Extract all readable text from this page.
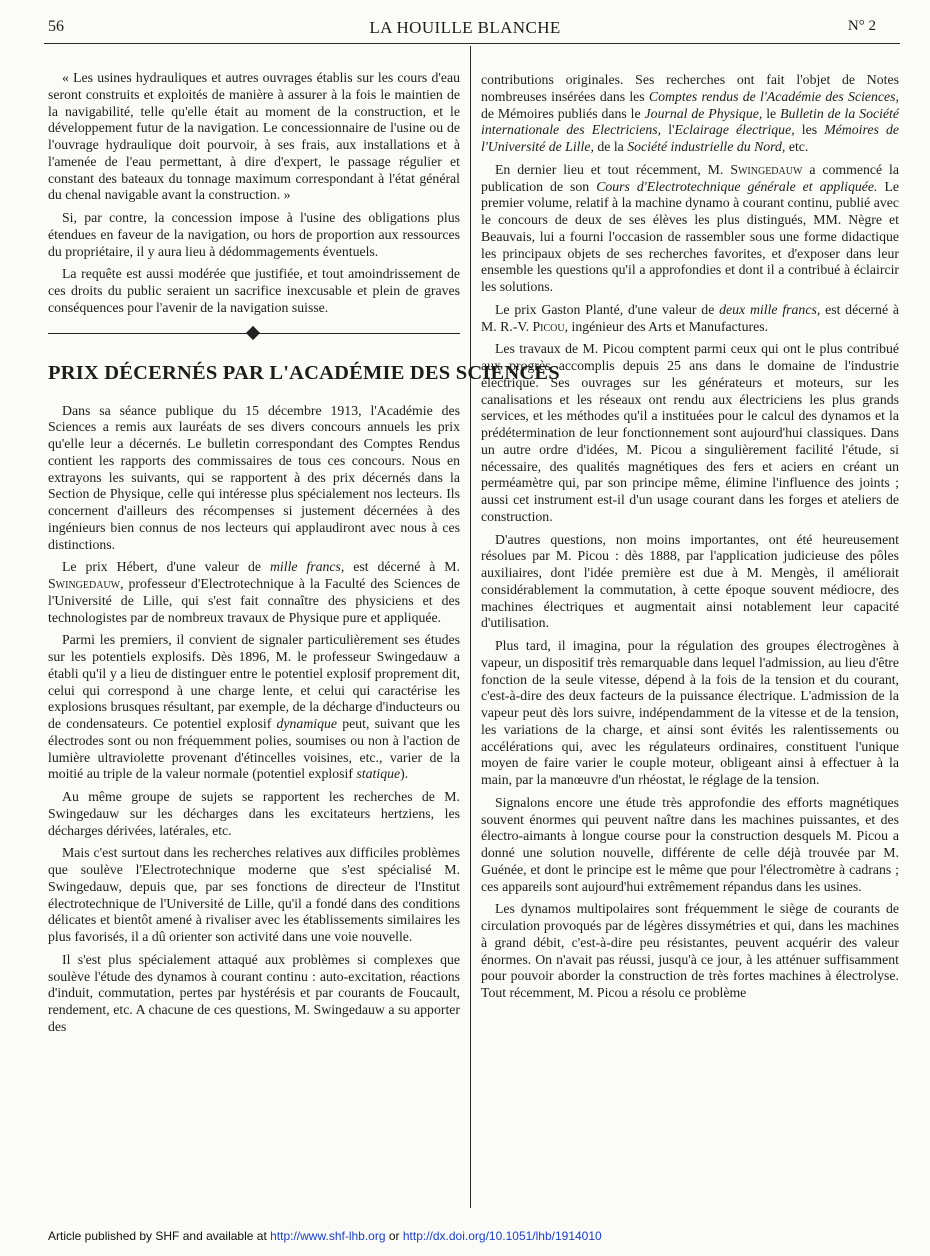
56	LA HOUILLE BLANCHE	N° 2

« Les usines hydrauliques et autres ouvrages établis sur les cours d'eau seront construits et exploités de manière à assurer à la fois le maintien de la navigabilité, telle qu'elle était au moment de la construction, et le développement futur de la navigation. Le concessionnaire de l'usine ou de l'ouvrage hydraulique doit pourvoir, à ses frais, aux installations et à l'amenée de l'eau permettant, à dire d'expert, le passage régulier et constant des bateaux du tonnage maximum correspondant à l'état général du chenal navigable avant la construction. »

Si, par contre, la concession impose à l'usine des obligations plus étendues en faveur de la navigation, ou hors de proportion aux ressources du propriétaire, il y aura lieu à dédommagements éventuels.

La requête est aussi modérée que justifiée, et tout amoindrissement de ces droits du public seraient un sacrifice inexcusable et plein de graves conséquences pour l'avenir de la navigation suisse.

PRIX DÉCERNÉS PAR L'ACADÉMIE DES SCIENCES

Dans sa séance publique du 15 décembre 1913, l'Académie des Sciences a remis aux lauréats de ses divers concours annuels les prix qu'elle leur a décernés. Le bulletin correspondant des Comptes Rendus contient les rapports des commissaires de tous ces concours. Nous en extrayons les suivants, qui se rapportent à des prix décernés dans la Section de Physique, celle qui intéresse plus spécialement nos lecteurs. Ils concernent d'ailleurs des récompenses si justement décernées à des ingénieurs bien connus de nos lecteurs qui applaudiront avec nous à ces distinctions.

Le prix Hébert, d'une valeur de mille francs, est décerné à M. Swingedauw, professeur d'Electrotechnique à la Faculté des Sciences de l'Université de Lille, qui s'est fait connaître des physiciens et des technologistes par de nombreux travaux de Physique pure et appliquée.

Parmi les premiers, il convient de signaler particulièrement ses études sur les potentiels explosifs. Dès 1896, M. le professeur Swingedauw a établi qu'il y a lieu de distinguer entre le potentiel explosif proprement dit, celui qui correspond à une charge lente, et celui qui caractérise les explosions brusques résultant, par exemple, de la décharge d'inducteurs ou de condensateurs. Ce potentiel explosif dynamique peut, suivant que les électrodes sont ou non fréquemment polies, soumises ou non à l'action de lumière ultraviolette provenant d'étincelles voisines, etc., varier de la moitié au triple de la valeur normale (potentiel explosif statique).

Au même groupe de sujets se rapportent les recherches de M. Swingedauw sur les décharges dans les excitateurs hertziens, les décharges dérivées, latérales, etc.

Mais c'est surtout dans les recherches relatives aux difficiles problèmes que soulève l'Electrotechnique moderne que s'est spécialisé M. Swingedauw, depuis que, par ses fonctions de directeur de l'Institut électrotechnique de l'Université de Lille, qu'il a fondé dans des conditions délicates et bientôt amené à rivaliser avec les établissements similaires les plus favorisés, il a dû orienter son activité dans une voie nouvelle.

Il s'est plus spécialement attaqué aux problèmes si complexes que soulève l'étude des dynamos à courant continu : auto-excitation, réactions d'induit, commutation, pertes par hystérésis et par courants de Foucault, rendement, etc. A chacune de ces questions, M. Swingedauw a su apporter des

contributions originales. Ses recherches ont fait l'objet de Notes nombreuses insérées dans les Comptes rendus de l'Académie des Sciences, de Mémoires publiés dans le Journal de Physique, le Bulletin de la Société internationale des Electriciens, l'Eclairage électrique, les Mémoires de l'Université de Lille, de la Société industrielle du Nord, etc.

En dernier lieu et tout récemment, M. Swingedauw a commencé la publication de son Cours d'Electrotechnique générale et appliquée. Le premier volume, relatif à la machine dynamo à courant continu, publié avec le concours de deux de ses élèves les plus distingués, MM. Nègre et Beauvais, lui a fourni l'occasion de rassembler sous une forme didactique les principaux objets de ses recherches favorites, et d'exposer dans leur ensemble les questions qu'il a approfondies et dont il a contribué à éclaircir les solutions.

Le prix Gaston Planté, d'une valeur de deux mille francs, est décerné à M. R.-V. Picou, ingénieur des Arts et Manufactures.

Les travaux de M. Picou comptent parmi ceux qui ont le plus contribué aux progrès accomplis depuis 25 ans dans le domaine de l'industrie électrique. Ses ouvrages sur les générateurs et moteurs, sur les canalisations et les réseaux ont rendu aux électriciens les plus grands services, et les méthodes qu'il a instituées pour le calcul des dynamos et la prédétermination de leur fonctionnement sont aujourd'hui classiques. Dans un autre ordre d'idées, M. Picou a singulièrement facilité l'étude, si nécessaire, des qualités magnétiques des fers et aciers en créant un perméamètre qui, par son principe même, élimine l'influence des joints ; aussi cet instrument est-il d'un usage courant dans les forges et ateliers de construction.

D'autres questions, non moins importantes, ont été heureusement résolues par M. Picou : dès 1888, par l'application judicieuse des pôles auxiliaires, dont l'idée première est due à M. Mengès, il améliorait considérablement la commutation, à cette époque souvent médiocre, des machines électriques et augmentait ainsi notablement leur capacité d'utilisation.

Plus tard, il imagina, pour la régulation des groupes électrogènes à vapeur, un dispositif très remarquable dans lequel l'admission, au lieu d'être fonction de la seule vitesse, dépend à la fois de la tension et du courant, c'est-à-dire des deux facteurs de la puissance électrique. L'admission de la vapeur peut dès lors suivre, indépendamment de la vitesse et de la tension, les variations de la charge, et ainsi sont évités les ralentissements ou accélérations qui, avec les régulateurs ordinaires, constituent l'unique moyen de faire varier le couple moteur, obligeant ainsi à effectuer à la main, par la manœuvre d'un rhéostat, le réglage de la tension.

Signalons encore une étude très approfondie des efforts magnétiques souvent énormes qui peuvent naître dans les machines puissantes, et des électro-aimants à longue course pour la construction desquels M. Picou a donné une solution nouvelle, différente de celle déjà trouvée par M. Guénée, et dont le principe est le même que pour l'électromètre à cadrans ; ces appareils sont aujourd'hui extrêmement répandus dans les usines.

Les dynamos multipolaires sont fréquemment le siège de courants de circulation provoqués par de légères dissymétries et qui, dans les machines à grand débit, c'est-à-dire peu résistantes, peuvent acquérir des valeur énormes. On n'avait pas réussi, jusqu'à ce jour, à les atténuer suffisamment pour pouvoir aborder la construction de très fortes machines à électrolyse. Tout récemment, M. Picou a résolu ce problème

Article published by SHF and available at http://www.shf-lhb.org or http://dx.doi.org/10.1051/lhb/1914010
